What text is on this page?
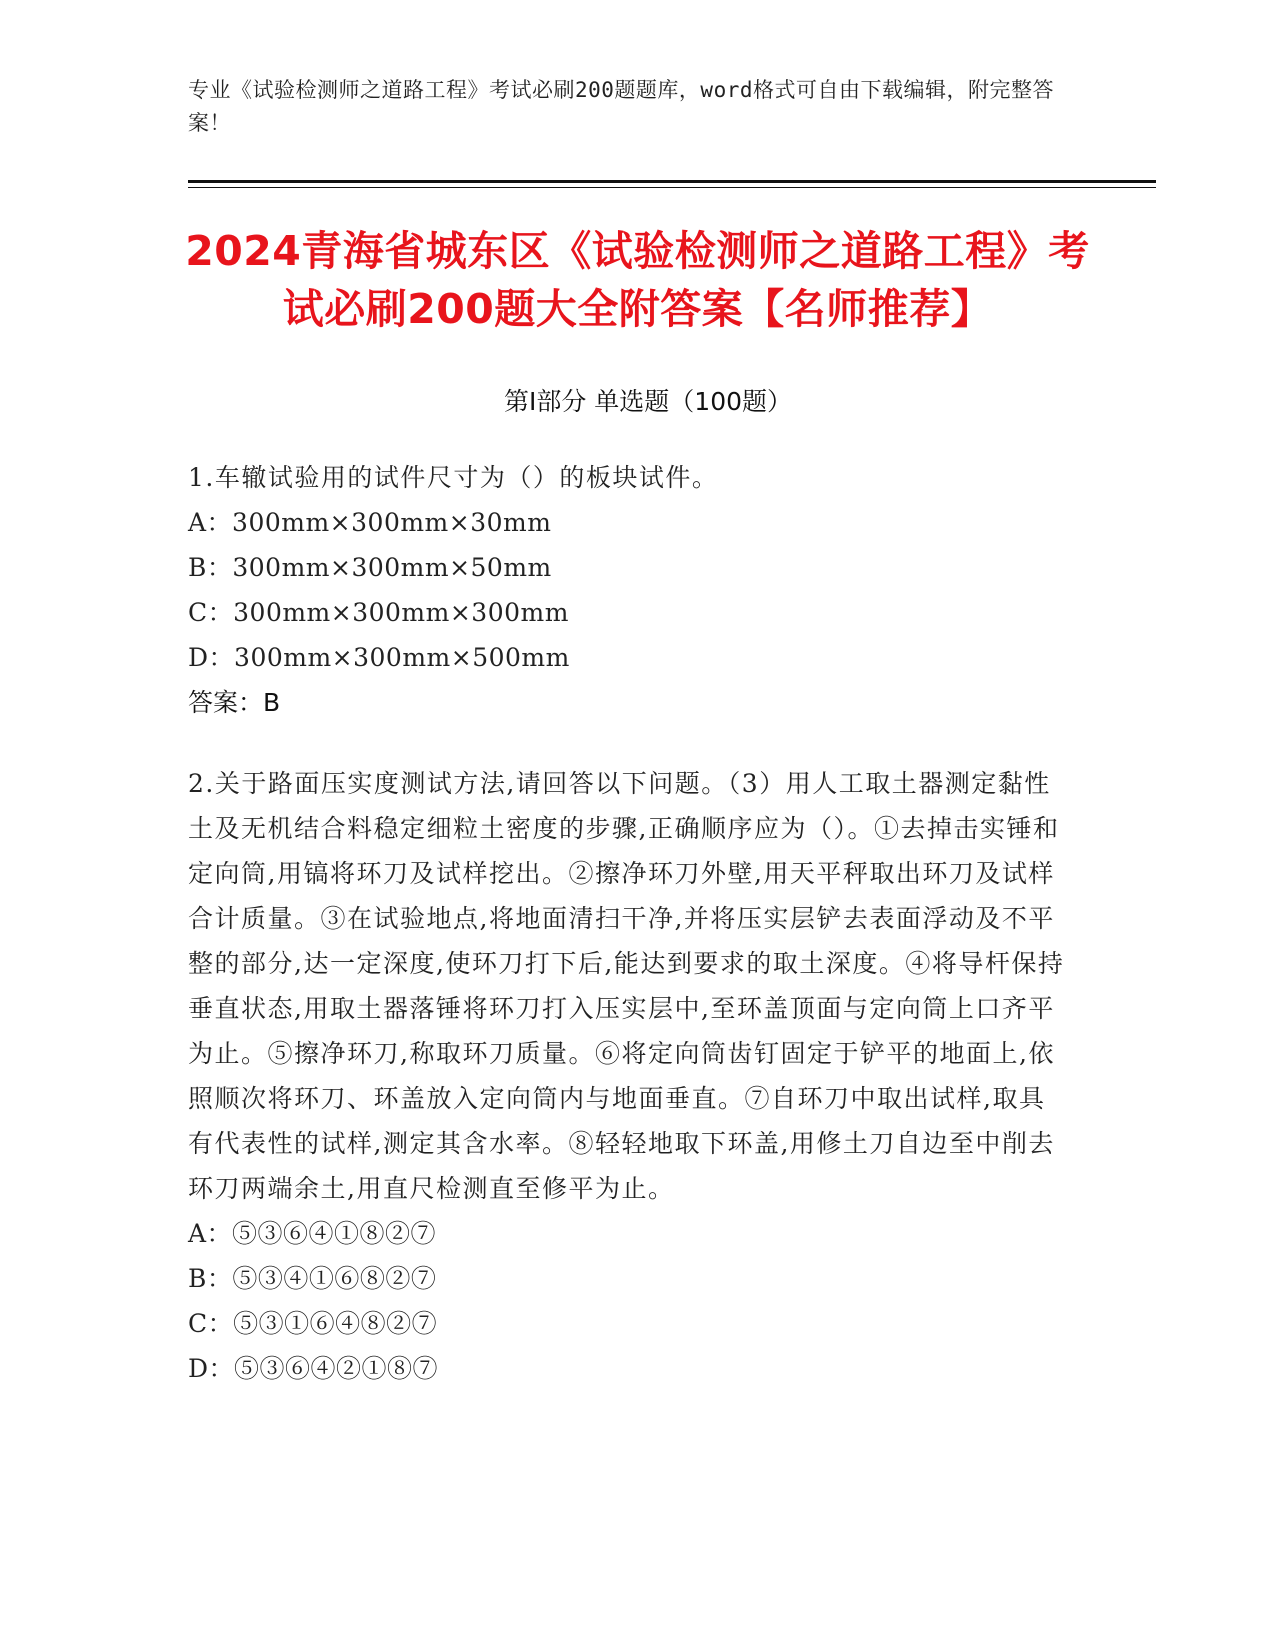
专业《试验检测师之道路工程》考试必刷200题题库，word格式可自由下载编辑，附完整答案！
2024青海省城东区《试验检测师之道路工程》考试必刷200题大全附答案【名师推荐】
第Ⅰ部分 单选题（100题）
1.车辙试验用的试件尺寸为（）的板块试件。
A：300mm×300mm×30mm
B：300mm×300mm×50mm
C：300mm×300mm×300mm
D：300mm×300mm×500mm
答案：B
2.关于路面压实度测试方法,请回答以下问题。（3）用人工取土器测定黏性土及无机结合料稳定细粒土密度的步骤,正确顺序应为（）。①去掉击实锤和定向筒,用镐将环刀及试样挖出。②擦净环刀外壁,用天平秤取出环刀及试样合计质量。③在试验地点,将地面清扫干净,并将压实层铲去表面浮动及不平整的部分,达一定深度,使环刀打下后,能达到要求的取土深度。④将导杆保持垂直状态,用取土器落锤将环刀打入压实层中,至环盖顶面与定向筒上口齐平为止。⑤擦净环刀,称取环刀质量。⑥将定向筒齿钉固定于铲平的地面上,依照顺次将环刀、环盖放入定向筒内与地面垂直。⑦自环刀中取出试样,取具有代表性的试样,测定其含水率。⑧轻轻地取下环盖,用修土刀自边至中削去环刀两端余土,用直尺检测直至修平为止。
A：⑤③⑥④①⑧②⑦
B：⑤③④①⑥⑧②⑦
C：⑤③①⑥④⑧②⑦
D：⑤③⑥④②①⑧⑦
